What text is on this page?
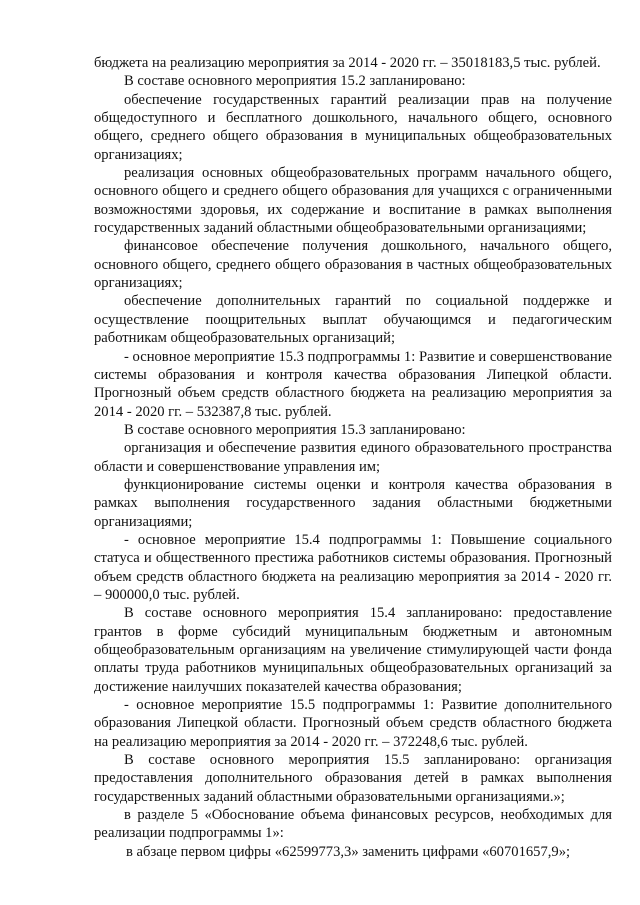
бюджета на реализацию мероприятия за 2014 - 2020 гг. – 35018183,5 тыс. рублей.

В составе основного мероприятия 15.2 запланировано:

обеспечение государственных гарантий реализации прав на получение общедоступного и бесплатного дошкольного, начального общего, основного общего, среднего общего образования в муниципальных общеобразовательных организациях;

реализация основных общеобразовательных программ начального общего, основного общего и среднего общего образования для учащихся с ограниченными возможностями здоровья, их содержание и воспитание в рамках выполнения государственных заданий областными общеобразовательными организациями;

финансовое обеспечение получения дошкольного, начального общего, основного общего, среднего общего образования в частных общеобразовательных организациях;

обеспечение дополнительных гарантий по социальной поддержке и осуществление поощрительных выплат обучающимся и педагогическим работникам общеобразовательных организаций;

- основное мероприятие 15.3 подпрограммы 1: Развитие и совершенствование системы образования и контроля качества образования Липецкой области. Прогнозный объем средств областного бюджета на реализацию мероприятия за 2014 - 2020 гг. – 532387,8 тыс. рублей.

В составе основного мероприятия 15.3 запланировано:

организация и обеспечение развития единого образовательного пространства области и совершенствование управления им;

функционирование системы оценки и контроля качества образования в рамках выполнения государственного задания областными бюджетными организациями;

- основное мероприятие 15.4 подпрограммы 1: Повышение социального статуса и общественного престижа работников системы образования. Прогнозный объем средств областного бюджета на реализацию мероприятия за 2014 - 2020 гг. – 900000,0 тыс. рублей.

В составе основного мероприятия 15.4 запланировано: предоставление грантов в форме субсидий муниципальным бюджетным и автономным общеобразовательным организациям на увеличение стимулирующей части фонда оплаты труда работников муниципальных общеобразовательных организаций за достижение наилучших показателей качества образования;

- основное мероприятие 15.5 подпрограммы 1: Развитие дополнительного образования Липецкой области. Прогнозный объем средств областного бюджета на реализацию мероприятия за 2014 - 2020 гг. – 372248,6 тыс. рублей.

В составе основного мероприятия 15.5 запланировано: организация предоставления дополнительного образования детей в рамках выполнения государственных заданий областными образовательными организациями.»;

в разделе 5 «Обоснование объема финансовых ресурсов, необходимых для реализации подпрограммы 1»:

в абзаце первом цифры «62599773,3» заменить цифрами «60701657,9»;
